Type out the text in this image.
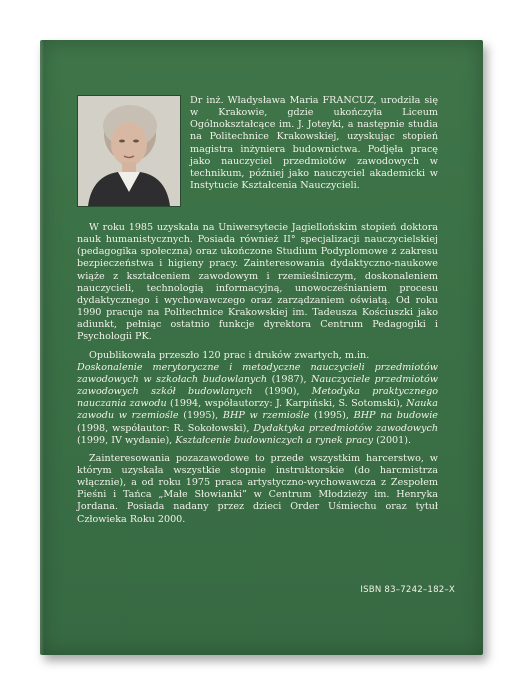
Dr inż. Władysława Maria FRANCUZ, urodziła się w Krakowie, gdzie ukończyła Liceum Ogólnokształcące im. J. Joteyki, a następnie studia na Politechnice Krakowskiej, uzyskując stopień magistra inżyniera budownictwa. Podjęła pracę jako nauczyciel przedmiotów zawodowych w technikum, później jako nauczyciel akademicki w Instytucie Kształcenia Nauczycieli.

W roku 1985 uzyskała na Uniwersytecie Jagiellońskim stopień doktora nauk humanistycznych. Posiada również II° specjalizacji nauczycielskiej (pedagogika społeczna) oraz ukończone Studium Podyplomowe z zakresu bezpieczeństwa i higieny pracy. Zainteresowania dydaktyczno-naukowe wiąże z kształceniem zawodowym i rzemieślniczym, doskonaleniem nauczycieli, technologią informacyjną, unowocześnianiem procesu dydaktycznego i wychowawczego oraz zarządzaniem oświatą. Od roku 1990 pracuje na Politechnice Krakowskiej im. Tadeusza Kościuszki jako adiunkt, pełniąc ostatnio funkcje dyrektora Centrum Pedagogiki i Psychologii PK.

Opublikowała przeszło 120 prac i druków zwartych, m.in.
Doskonalenie merytoryczne i metodyczne nauczycieli przedmiotów zawodowych w szkołach budowlanych (1987), Nauczyciele przedmiotów zawodowych szkół budowlanych (1990), Metodyka praktycznego nauczania zawodu (1994, współautorzy: J. Karpiński, S. Sotomski), Nauka zawodu w rzemiośle (1995), BHP w rzemiośle (1995), BHP na budowie (1998, współautor: R. Sokołowski), Dydaktyka przedmiotów zawodowych (1999, IV wydanie), Kształcenie budowniczych a rynek pracy (2001).

Zainteresowania pozazawodowe to przede wszystkim harcerstwo, w którym uzyskała wszystkie stopnie instruktorskie (do harcmistrza włącznie), a od roku 1975 praca artystyczno-wychowawcza z Zespołem Pieśni i Tańca „Małe Słowianki” w Centrum Młodzieży im. Henryka Jordana. Posiada nadany przez dzieci Order Uśmiechu oraz tytuł Człowieka Roku 2000.

ISBN 83–7242–182–X
